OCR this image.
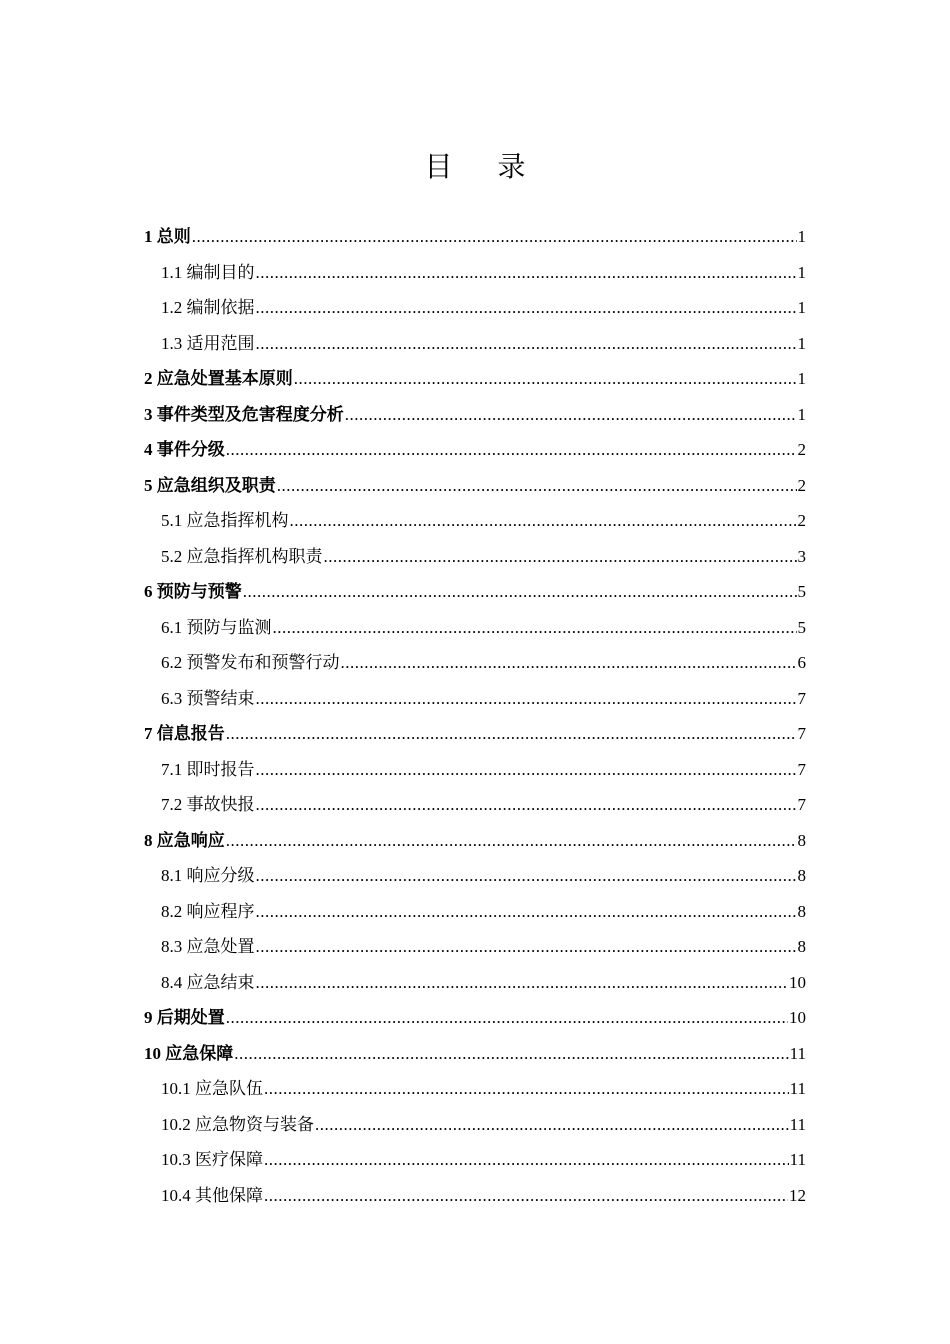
目 录
1 总则 .....	1
1.1 编制目的 .....	1
1.2 编制依据 .....	1
1.3 适用范围 .....	1
2 应急处置基本原则 .....	1
3 事件类型及危害程度分析 .....	1
4 事件分级 .....	2
5 应急组织及职责 .....	2
5.1 应急指挥机构 .....	2
5.2 应急指挥机构职责 .....	3
6 预防与预警 .....	5
6.1 预防与监测 .....	5
6.2 预警发布和预警行动 .....	6
6.3 预警结束 .....	7
7 信息报告 .....	7
7.1 即时报告 .....	7
7.2 事故快报 .....	7
8 应急响应 .....	8
8.1 响应分级 .....	8
8.2 响应程序 .....	8
8.3 应急处置 .....	8
8.4 应急结束 .....	10
9 后期处置 .....	10
10 应急保障 .....	11
10.1 应急队伍 .....	11
10.2 应急物资与装备 .....	11
10.3 医疗保障 .....	11
10.4 其他保障 .....	12
